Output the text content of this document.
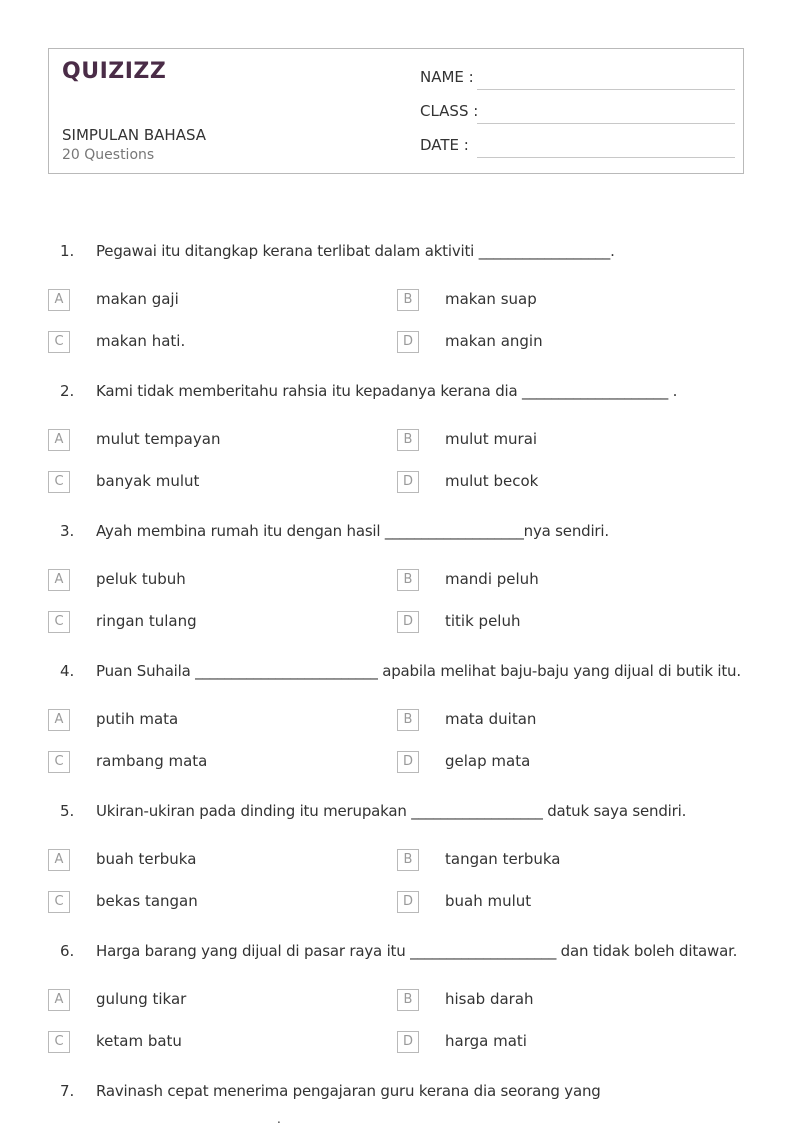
QUIZIZZ
SIMPULAN BAHASA
20 Questions
NAME :
CLASS :
DATE :
1. Pegawai itu ditangkap kerana terlibat dalam aktiviti __________________.
A	makan gaji	B	makan suap
C	makan hati.	D	makan angin
2. Kami tidak memberitahu rahsia itu kepadanya kerana dia ____________________ .
A	mulut tempayan	B	mulut murai
C	banyak mulut	D	mulut becok
3. Ayah membina rumah itu dengan hasil ___________________nya sendiri.
A	peluk tubuh	B	mandi peluh
C	ringan tulang	D	titik peluh
4. Puan Suhaila _________________________ apabila melihat baju-baju yang dijual di butik itu.
A	putih mata	B	mata duitan
C	rambang mata	D	gelap mata
5. Ukiran-ukiran pada dinding itu merupakan __________________ datuk saya sendiri.
A	buah terbuka	B	tangan terbuka
C	bekas tangan	D	buah mulut
6. Harga barang yang dijual di pasar raya itu ____________________ dan tidak boleh ditawar.
A	gulung tikar	B	hisab darah
C	ketam batu	D	harga mati
7. Ravinash cepat menerima pengajaran guru kerana dia seorang yang
.
